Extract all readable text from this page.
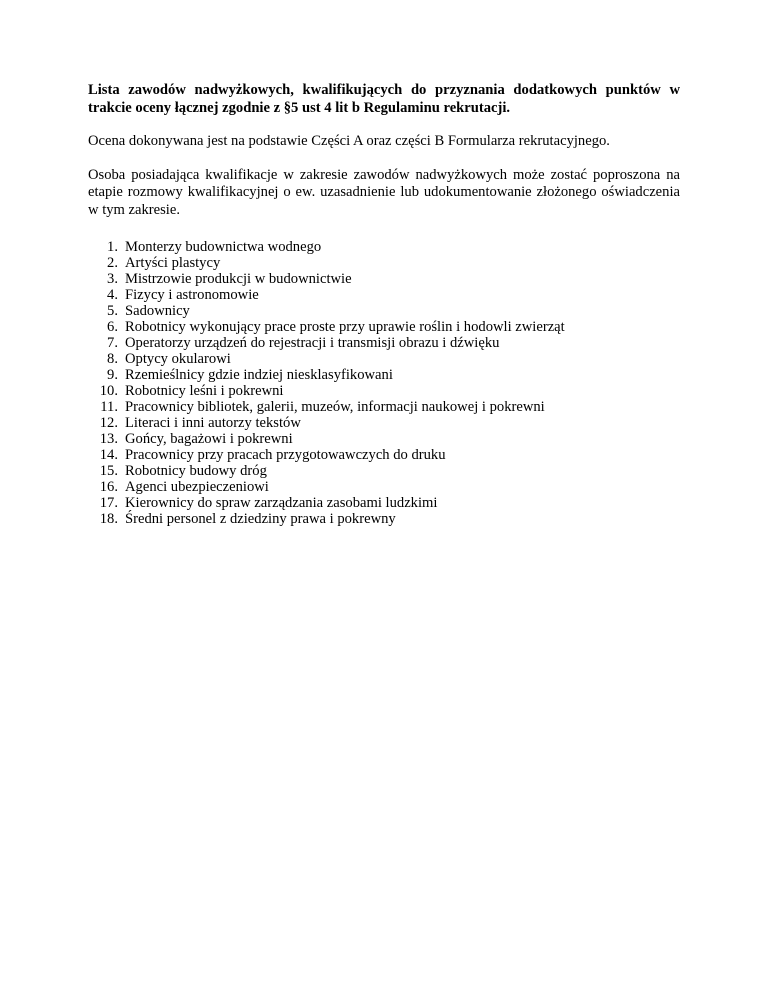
Lista zawodów nadwyżkowych, kwalifikujących do przyznania dodatkowych punktów w trakcie oceny łącznej zgodnie z §5 ust 4 lit b Regulaminu rekrutacji.

Ocena dokonywana jest na podstawie Części A oraz części B Formularza rekrutacyjnego.

Osoba posiadająca kwalifikacje w zakresie zawodów nadwyżkowych może zostać poproszona na etapie rozmowy kwalifikacyjnej o ew. uzasadnienie lub udokumentowanie złożonego oświadczenia w tym zakresie.

1. Monterzy budownictwa wodnego
2. Artyści plastycy
3. Mistrzowie produkcji w budownictwie
4. Fizycy i astronomowie
5. Sadownicy
6. Robotnicy wykonujący prace proste przy uprawie roślin i hodowli zwierząt
7. Operatorzy urządzeń do rejestracji i transmisji obrazu i dźwięku
8. Optycy okularowi
9. Rzemieślnicy gdzie indziej niesklasyfikowani
10. Robotnicy leśni i pokrewni
11. Pracownicy bibliotek, galerii, muzeów, informacji naukowej i pokrewni
12. Literaci i inni autorzy tekstów
13. Gońcy, bagażowi i pokrewni
14. Pracownicy przy pracach przygotowawczych do druku
15. Robotnicy budowy dróg
16. Agenci ubezpieczeniowi
17. Kierownicy do spraw zarządzania zasobami ludzkimi
18. Średni personel z dziedziny prawa i pokrewny
